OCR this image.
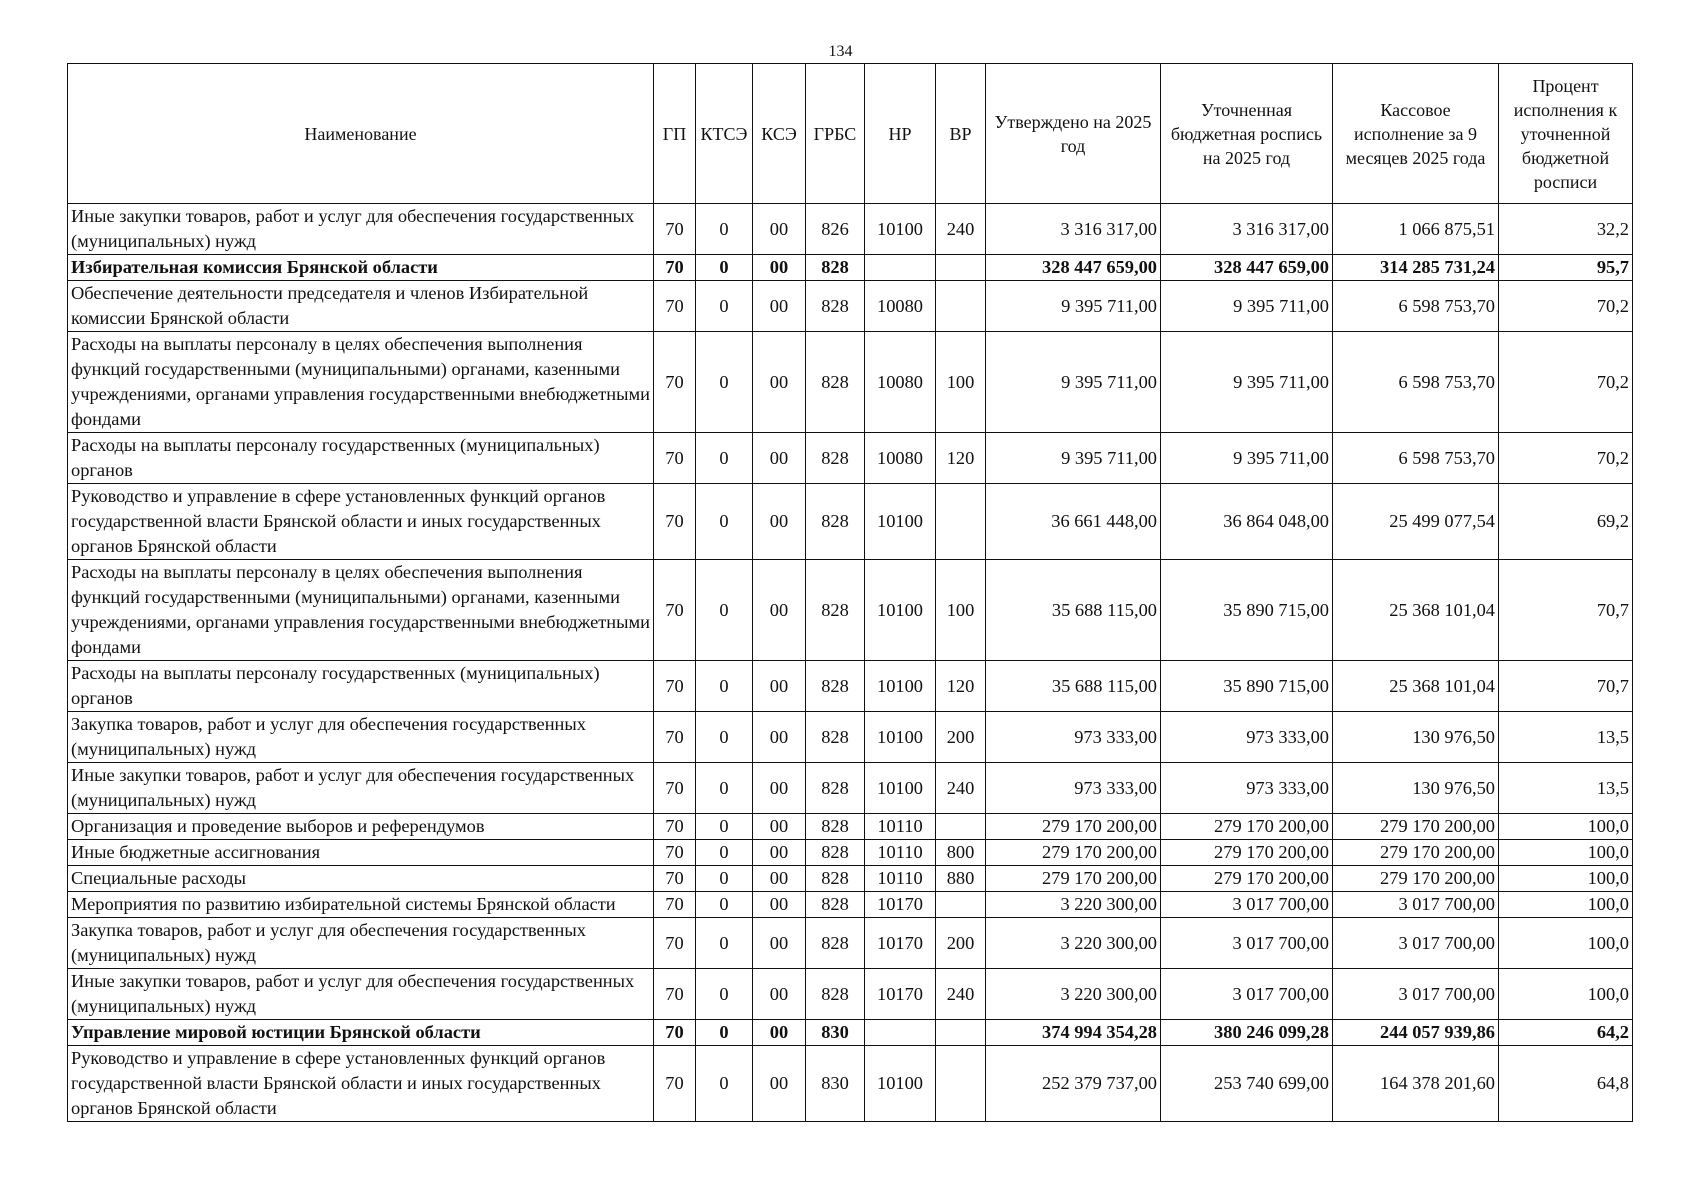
134
Наименование	ГП	КТСЭ	КСЭ	ГРБС	НР	ВР	Утверждено на 2025 год	Уточненная бюджетная роспись на 2025 год	Кассовое исполнение за 9 месяцев 2025 года	Процент исполнения к уточненной бюджетной росписи
Иные закупки товаров, работ и услуг для обеспечения государственных (муниципальных) нужд	70	0	00	826	10100	240	3 316 317,00	3 316 317,00	1 066 875,51	32,2
Избирательная комиссия Брянской области	70	0	00	828			328 447 659,00	328 447 659,00	314 285 731,24	95,7
Обеспечение деятельности председателя и членов Избирательной комиссии Брянской области	70	0	00	828	10080		9 395 711,00	9 395 711,00	6 598 753,70	70,2
Расходы на выплаты персоналу в целях обеспечения выполнения функций государственными (муниципальными) органами, казенными учреждениями, органами управления государственными внебюджетными фондами	70	0	00	828	10080	100	9 395 711,00	9 395 711,00	6 598 753,70	70,2
Расходы на выплаты персоналу государственных (муниципальных) органов	70	0	00	828	10080	120	9 395 711,00	9 395 711,00	6 598 753,70	70,2
Руководство и управление в сфере установленных функций органов государственной власти Брянской области и иных государственных органов Брянской области	70	0	00	828	10100		36 661 448,00	36 864 048,00	25 499 077,54	69,2
Расходы на выплаты персоналу в целях обеспечения выполнения функций государственными (муниципальными) органами, казенными учреждениями, органами управления государственными внебюджетными фондами	70	0	00	828	10100	100	35 688 115,00	35 890 715,00	25 368 101,04	70,7
Расходы на выплаты персоналу государственных (муниципальных) органов	70	0	00	828	10100	120	35 688 115,00	35 890 715,00	25 368 101,04	70,7
Закупка товаров, работ и услуг для обеспечения государственных (муниципальных) нужд	70	0	00	828	10100	200	973 333,00	973 333,00	130 976,50	13,5
Иные закупки товаров, работ и услуг для обеспечения государственных (муниципальных) нужд	70	0	00	828	10100	240	973 333,00	973 333,00	130 976,50	13,5
Организация и проведение выборов и референдумов	70	0	00	828	10110		279 170 200,00	279 170 200,00	279 170 200,00	100,0
Иные бюджетные ассигнования	70	0	00	828	10110	800	279 170 200,00	279 170 200,00	279 170 200,00	100,0
Специальные расходы	70	0	00	828	10110	880	279 170 200,00	279 170 200,00	279 170 200,00	100,0
Мероприятия по развитию избирательной системы Брянской области	70	0	00	828	10170		3 220 300,00	3 017 700,00	3 017 700,00	100,0
Закупка товаров, работ и услуг для обеспечения государственных (муниципальных) нужд	70	0	00	828	10170	200	3 220 300,00	3 017 700,00	3 017 700,00	100,0
Иные закупки товаров, работ и услуг для обеспечения государственных (муниципальных) нужд	70	0	00	828	10170	240	3 220 300,00	3 017 700,00	3 017 700,00	100,0
Управление мировой юстиции Брянской области	70	0	00	830			374 994 354,28	380 246 099,28	244 057 939,86	64,2
Руководство и управление в сфере установленных функций органов государственной власти Брянской области и иных государственных органов Брянской области	70	0	00	830	10100		252 379 737,00	253 740 699,00	164 378 201,60	64,8
